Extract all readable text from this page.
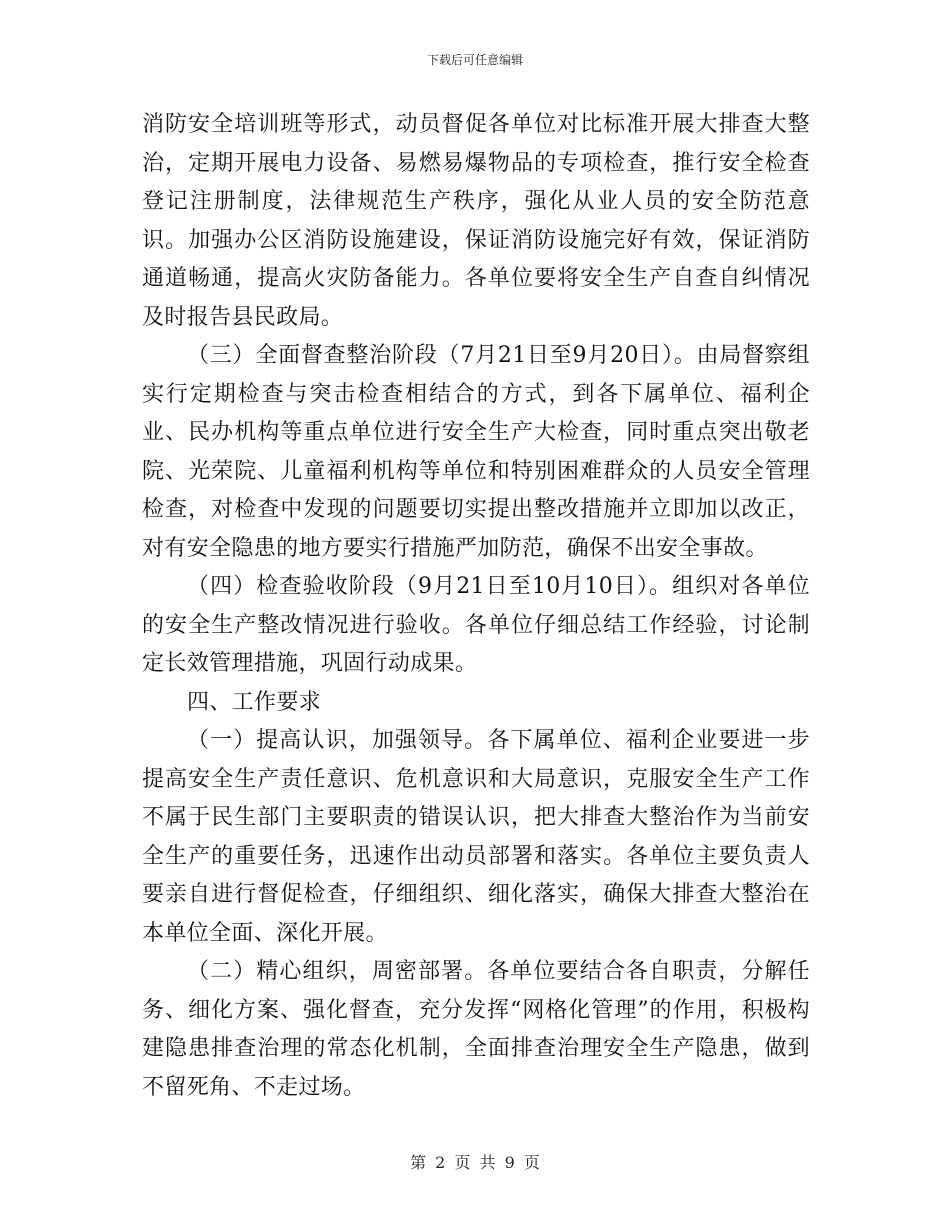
下载后可任意编辑

消防安全培训班等形式，动员督促各单位对比标准开展大排查大整治，定期开展电力设备、易燃易爆物品的专项检查，推行安全检查登记注册制度，法律规范生产秩序，强化从业人员的安全防范意识。加强办公区消防设施建设，保证消防设施完好有效，保证消防通道畅通，提高火灾防备能力。各单位要将安全生产自查自纠情况及时报告县民政局。

（三）全面督查整治阶段（7月21日至9月20日）。由局督察组实行定期检查与突击检查相结合的方式，到各下属单位、福利企业、民办机构等重点单位进行安全生产大检查，同时重点突出敬老院、光荣院、儿童福利机构等单位和特别困难群众的人员安全管理检查，对检查中发现的问题要切实提出整改措施并立即加以改正，对有安全隐患的地方要实行措施严加防范，确保不出安全事故。

（四）检查验收阶段（9月21日至10月10日）。组织对各单位的安全生产整改情况进行验收。各单位仔细总结工作经验，讨论制定长效管理措施，巩固行动成果。

四、工作要求

（一）提高认识，加强领导。各下属单位、福利企业要进一步提高安全生产责任意识、危机意识和大局意识，克服安全生产工作不属于民生部门主要职责的错误认识，把大排查大整治作为当前安全生产的重要任务，迅速作出动员部署和落实。各单位主要负责人要亲自进行督促检查，仔细组织、细化落实，确保大排查大整治在本单位全面、深化开展。

（二）精心组织，周密部署。各单位要结合各自职责，分解任务、细化方案、强化督查，充分发挥“网格化管理”的作用，积极构建隐患排查治理的常态化机制，全面排查治理安全生产隐患，做到不留死角、不走过场。

第 2 页 共 9 页
